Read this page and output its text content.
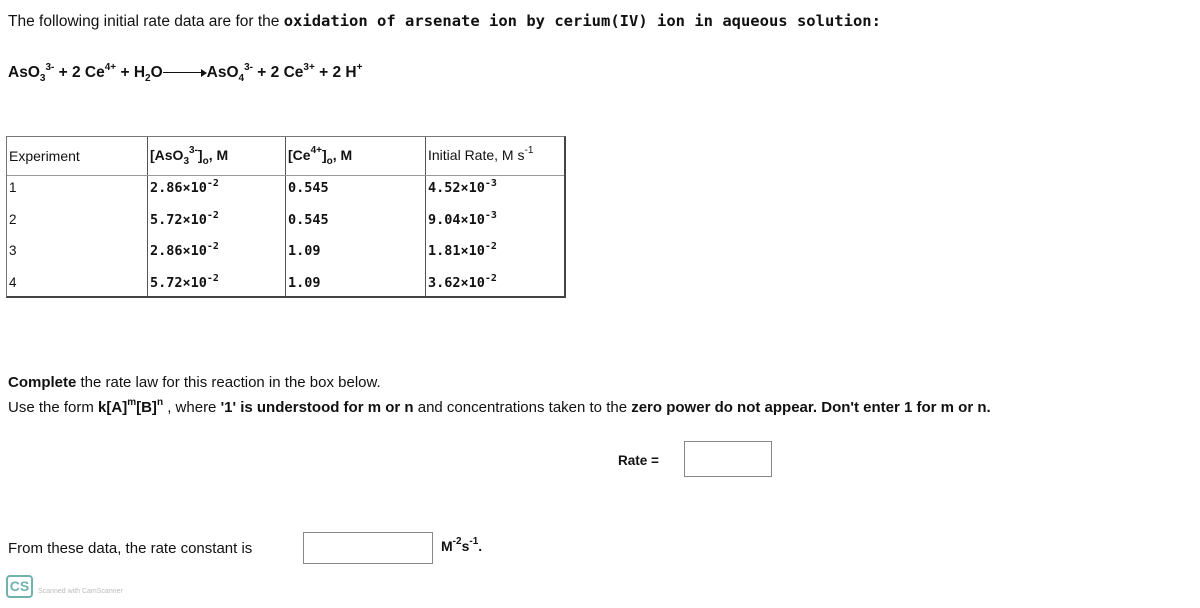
The following initial rate data are for the oxidation of arsenate ion by cerium(IV) ion in aqueous solution:
AsO$_3^{3-}$ + 2 $Ce^{4+} + H_2O$	AsO$_4^{3-}$ + 2 $Ce^{3+} + 2$ H+
Experiment	$[AsO_3^{3-}]_o$, M	$[Ce^{4+}]_o$, M	Initial Rate, M $s^{-1}$
1	$2.86\times 10^{-2}$	0.545	$4.52\times 10^{-3}$
2	$5.72\times 10^{-2}$	0.545	$9.04\times 10^{-3}$
3	$2.86\times 10^{-2}$	1.09	$1.81\times 10^{-2}$
4	$5.72\times 10^{-2}$	1.09	$3.62\times 10^{-2}$
Complete the rate law for this reaction in the box below.
Use the form $k[A]^m[B]^n$ , where '1' is understood for m or n and concentrations taken to the zero power do not appear. Don't enter 1 for m or n.
Rate =
From these data, the rate constant is	$M^{-2}s^{-1}$.
CS	Scanned with CamScanner
